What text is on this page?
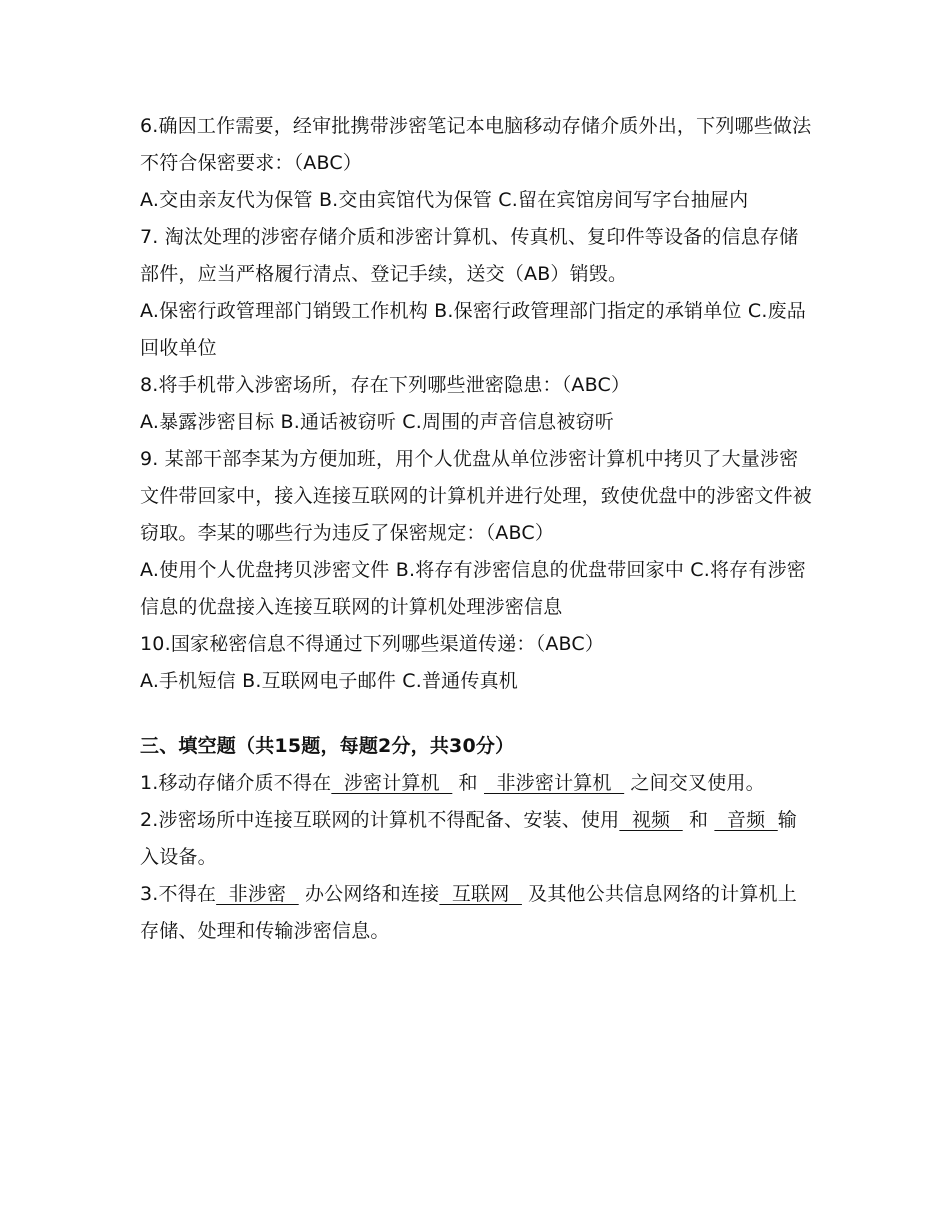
6.确因工作需要，经审批携带涉密笔记本电脑移动存储介质外出，下列哪些做法不符合保密要求：（ABC）

A.交由亲友代为保管 B.交由宾馆代为保管 C.留在宾馆房间写字台抽屉内

7. 淘汰处理的涉密存储介质和涉密计算机、传真机、复印件等设备的信息存储部件，应当严格履行清点、登记手续，送交（AB）销毁。

A.保密行政管理部门销毁工作机构 B.保密行政管理部门指定的承销单位 C.废品回收单位

8.将手机带入涉密场所，存在下列哪些泄密隐患：（ABC）

A.暴露涉密目标 B.通话被窃听 C.周围的声音信息被窃听

9. 某部干部李某为方便加班，用个人优盘从单位涉密计算机中拷贝了大量涉密文件带回家中，接入连接互联网的计算机并进行处理，致使优盘中的涉密文件被窃取。李某的哪些行为违反了保密规定：（ABC）

A.使用个人优盘拷贝涉密文件 B.将存有涉密信息的优盘带回家中 C.将存有涉密信息的优盘接入连接互联网的计算机处理涉密信息

10.国家秘密信息不得通过下列哪些渠道传递：（ABC）

A.手机短信 B.互联网电子邮件 C.普通传真机

三、填空题（共15题，每题2分，共30分）

1.移动存储介质不得在  涉密计算机   和   非涉密计算机   之间交叉使用。

2.涉密场所中连接互联网的计算机不得配备、安装、使用  视频   和   音频  输入设备。

3.不得在  非涉密   办公网络和连接  互联网   及其他公共信息网络的计算机上存储、处理和传输涉密信息。
